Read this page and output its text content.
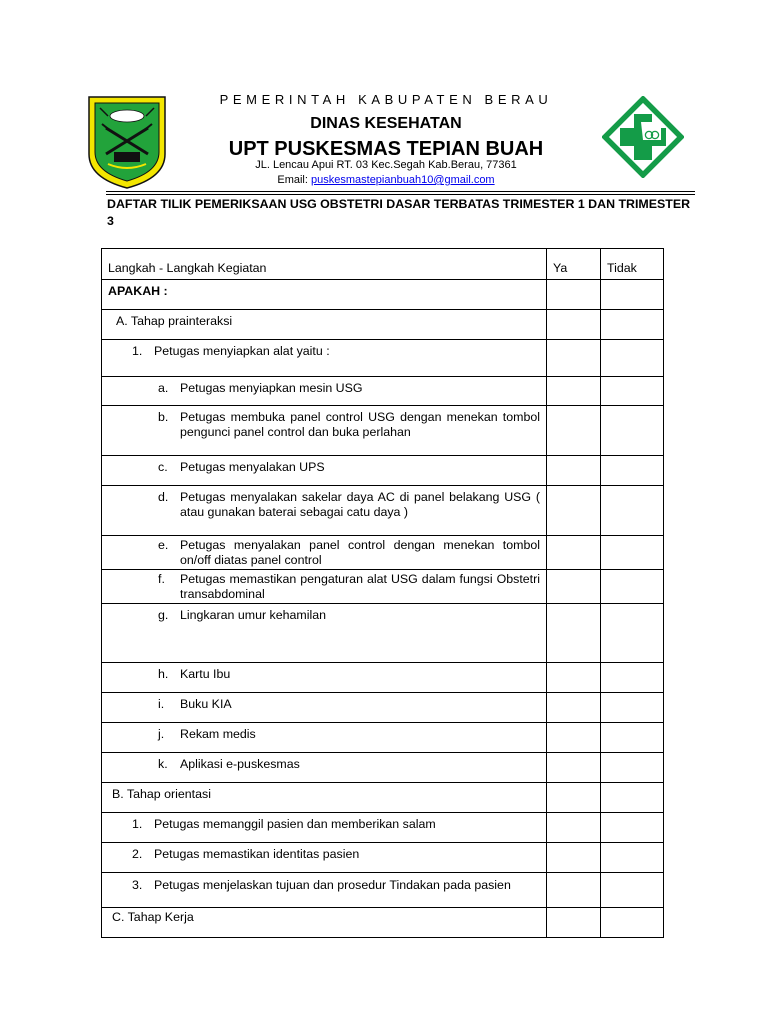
PEMERINTAH KABUPATEN BERAU
DINAS KESEHATAN
UPT PUSKESMAS TEPIAN BUAH
JL. Lencau Apui RT. 03 Kec.Segah Kab.Berau, 77361
Email: puskesmastepianbuah10@gmail.com
DAFTAR TILIK PEMERIKSAAN USG OBSTETRI DASAR TERBATAS TRIMESTER 1 DAN TRIMESTER 3
Langkah - Langkah Kegiatan	Ya	Tidak

APAKAH :		

A. Tahap prainteraksi		

1. Petugas menyiapkan alat yaitu :		

a. Petugas menyiapkan mesin USG		

b. Petugas membuka panel control USG dengan menekan tombol pengunci panel control dan buka perlahan		

c. Petugas menyalakan UPS		

d. Petugas menyalakan sakelar daya AC di panel belakang USG ( atau gunakan baterai sebagai catu daya )		

e. Petugas menyalakan panel control dengan menekan tombol on/off diatas panel control		

f. Petugas memastikan pengaturan alat USG dalam fungsi Obstetri transabdominal		

g. Lingkaran umur kehamilan		

h. Kartu Ibu		

i. Buku KIA		

j. Rekam medis		

k. Aplikasi e-puskesmas		

B. Tahap orientasi		

1. Petugas memanggil pasien dan memberikan salam		

2. Petugas memastikan identitas pasien		

3. Petugas menjelaskan tujuan dan prosedur Tindakan pada pasien		

C. Tahap Kerja		
